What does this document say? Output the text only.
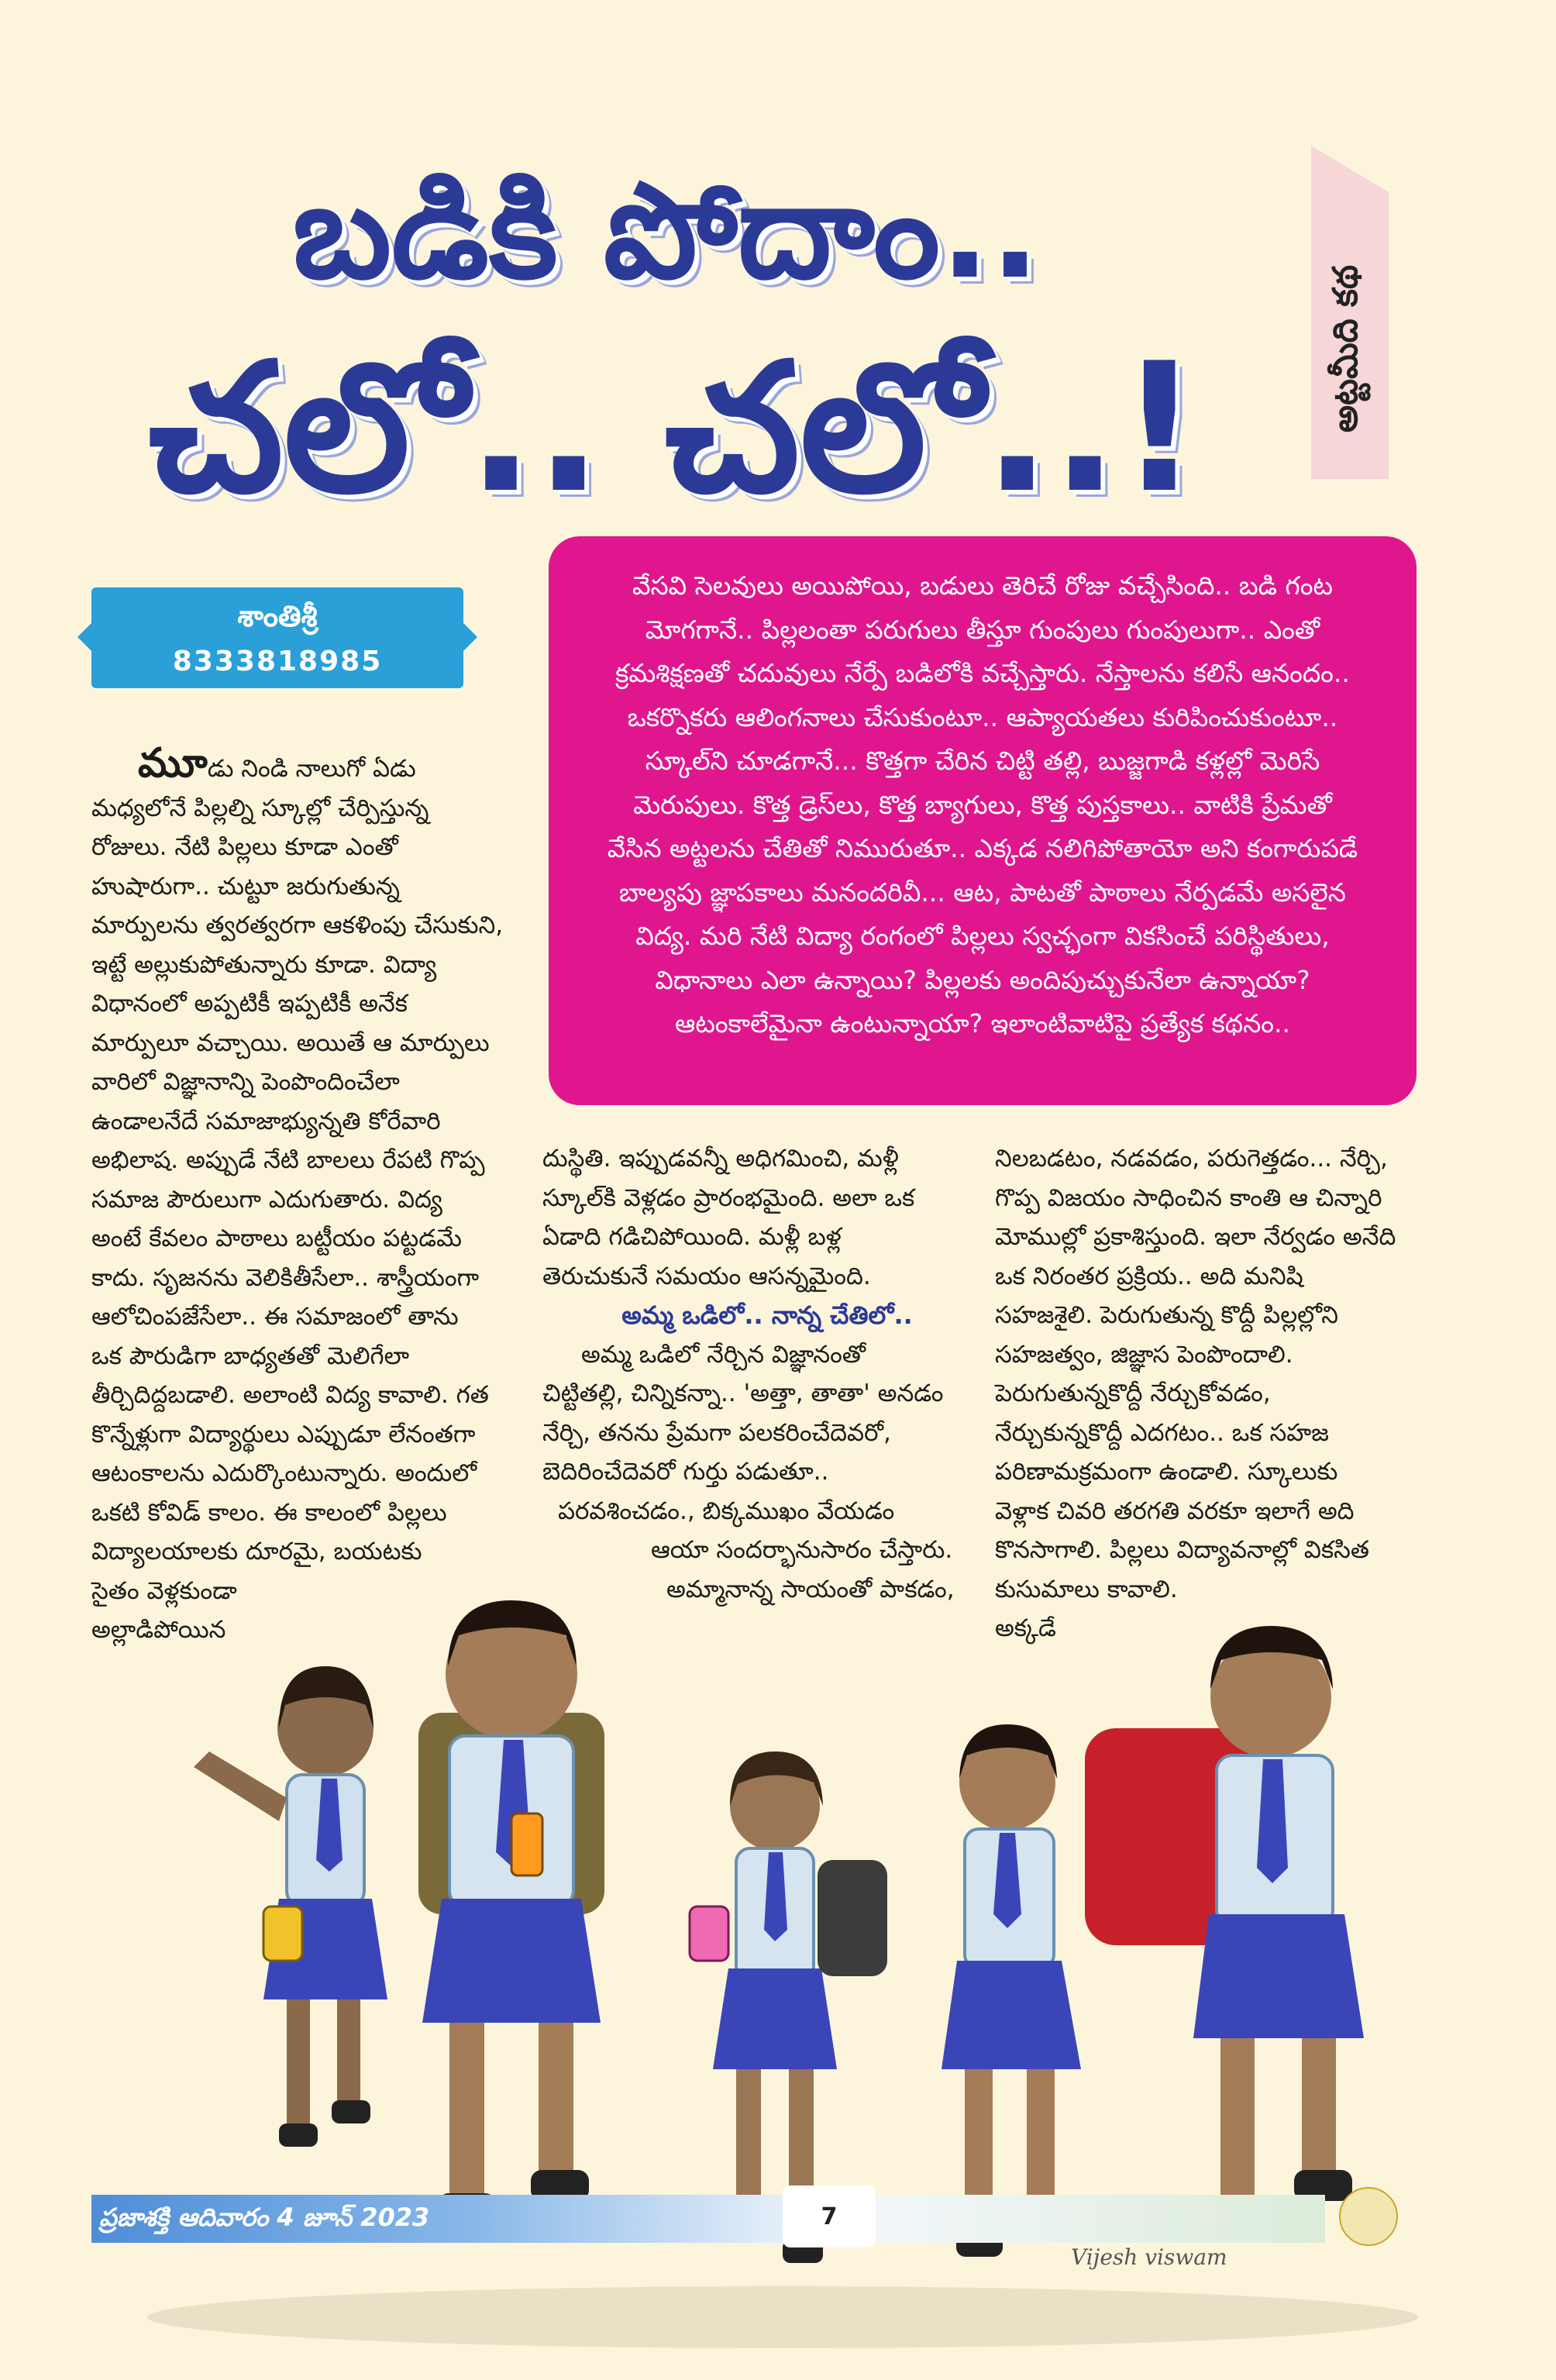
బడికి పోదాం..
చలో.. చలో..!	అట్టమీది కథ
శాంతిశ్రీ
8333818985
వేసవి సెలవులు అయిపోయి, బడులు తెరిచే రోజు వచ్చేసింది.. బడి గంట
మోగగానే.. పిల్లలంతా పరుగులు తీస్తూ గుంపులు గుంపులుగా.. ఎంతో
క్రమశిక్షణతో చదువులు నేర్పే బడిలోకి వచ్చేస్తారు. నేస్తాలను కలిసే ఆనందం..
ఒకర్నొకరు ఆలింగనాలు చేసుకుంటూ.. ఆప్యాయతలు కురిపించుకుంటూ..
స్కూల్‌ని చూడగానే... కొత్తగా చేరిన చిట్టి తల్లి, బుజ్జగాడి కళ్లల్లో మెరిసే
మెరుపులు. కొత్త డ్రెస్‌లు, కొత్త బ్యాగులు, కొత్త పుస్తకాలు.. వాటికి ప్రేమతో
వేసిన అట్టలను చేతితో నిమురుతూ.. ఎక్కడ నలిగిపోతాయో అని కంగారుపడే
బాల్యపు జ్ఞాపకాలు మనందరివీ... ఆట, పాటతో పాఠాలు నేర్పడమే అసలైన
విద్య. మరి నేటి విద్యా రంగంలో పిల్లలు స్వచ్ఛంగా వికసించే పరిస్థితులు,
విధానాలు ఎలా ఉన్నాయి? పిల్లలకు అందిపుచ్చుకునేలా ఉన్నాయా?
ఆటంకాలేమైనా ఉంటున్నాయా? ఇలాంటివాటిపై ప్రత్యేక కథనం..
మూడు నిండి నాలుగో ఏడు
మధ్యలోనే పిల్లల్ని స్కూల్లో చేర్పిస్తున్న
రోజులు. నేటి పిల్లలు కూడా ఎంతో
హుషారుగా.. చుట్టూ జరుగుతున్న
మార్పులను త్వరత్వరగా ఆకళింపు చేసుకుని,
ఇట్టే అల్లుకుపోతున్నారు కూడా. విద్యా
విధానంలో అప్పటికీ ఇప్పటికీ అనేక
మార్పులూ వచ్చాయి. అయితే ఆ మార్పులు
వారిలో విజ్ఞానాన్ని పెంపొందించేలా
ఉండాలనేదే సమాజాభ్యున్నతి కోరేవారి
అభిలాష. అప్పుడే నేటి బాలలు రేపటి గొప్ప
సమాజ పౌరులుగా ఎదుగుతారు. విద్య
అంటే కేవలం పాఠాలు బట్టీయం పట్టడమే
కాదు. సృజనను వెలికితీసేలా.. శాస్త్రీయంగా
ఆలోచింపజేసేలా.. ఈ సమాజంలో తాను
ఒక పౌరుడిగా బాధ్యతతో మెలిగేలా
తీర్చిదిద్దబడాలి. అలాంటి విద్య కావాలి. గత
కొన్నేళ్లుగా విద్యార్థులు ఎప్పుడూ లేనంతగా
ఆటంకాలను ఎదుర్కొంటున్నారు. అందులో
ఒకటి కోవిడ్ కాలం. ఈ కాలంలో పిల్లలు
విద్యాలయాలకు దూరమై, బయటకు
సైతం వెళ్లకుండా
అల్లాడిపోయిన
దుస్థితి. ఇప్పుడవన్నీ అధిగమించి, మళ్లీ
స్కూల్‌కి వెళ్లడం ప్రారంభమైంది. అలా ఒక
ఏడాది గడిచిపోయింది. మళ్లీ బళ్ల
తెరుచుకునే సమయం ఆసన్నమైంది.
అమ్మ ఒడిలో.. నాన్న చేతిలో..
అమ్మ ఒడిలో నేర్చిన విజ్ఞానంతో
చిట్టితల్లి, చిన్నికన్నా.. 'అత్తా, తాతా' అనడం
నేర్చి, తనను ప్రేమగా పలకరించేదెవరో,
బెదిరించేదెవరో గుర్తు పడుతూ..
పరవశించడం., బిక్కముఖం వేయడం
ఆయా సందర్భానుసారం చేస్తారు.
అమ్మానాన్న సాయంతో పాకడం,
నిలబడటం, నడవడం, పరుగెత్తడం... నేర్చి,
గొప్ప విజయం సాధించిన కాంతి ఆ చిన్నారి
మోముల్లో ప్రకాశిస్తుంది. ఇలా నేర్వడం అనేది
ఒక నిరంతర ప్రక్రియ.. అది మనిషి
సహజశైలి. పెరుగుతున్న కొద్దీ పిల్లల్లోని
సహజత్వం, జిజ్ఞాస పెంపొందాలి.
పెరుగుతున్నకొద్దీ నేర్చుకోవడం,
నేర్చుకున్నకొద్దీ ఎదగటం.. ఒక సహజ
పరిణామక్రమంగా ఉండాలి. స్కూలుకు
వెళ్లాక చివరి తరగతి వరకూ ఇలాగే అది
కొనసాగాలి. పిల్లలు విద్యావనాల్లో వికసిత
కుసుమాలు కావాలి.
అక్కడే
ప్రజాశక్తి ఆదివారం 4 జూన్ 2023	7
Vijesh viswam
